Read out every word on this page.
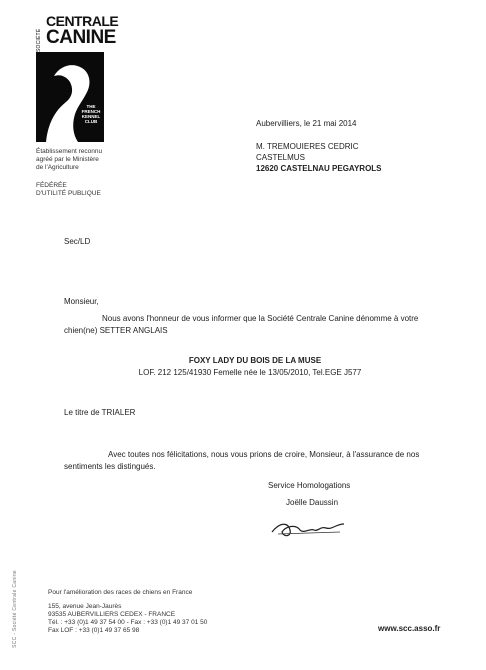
SOCIÉTÉ
CENTRALE
CANINE
THE
FRENCH
KENNEL
CLUB
Établissement reconnu
agréé par le Ministère
de l'Agriculture
FÉDÉRÉE
D'UTILITÉ PUBLIQUE
Aubervilliers, le 21 mai 2014
M. TREMOUIERES CEDRIC
CASTELMUS
12620 CASTELNAU PEGAYROLS
Sec/LD
Monsieur,
Nous avons l'honneur de vous informer que la Société Centrale Canine dénomme à votre
chien(ne) SETTER ANGLAIS
FOXY LADY DU BOIS DE LA MUSE
LOF. 212 125/41930 Femelle née le 13/05/2010, Tel.EGE J577
Le titre de TRIALER
Avec toutes nos félicitations, nous vous prions de croire, Monsieur, à l'assurance de nos
sentiments les distingués.
Service Homologations
Joëlle Daussin
Pour l'amélioration des races de chiens en France
155, avenue Jean-Jaurès
93535 AUBERVILLIERS CEDEX - FRANCE
Tél. : +33 (0)1 49 37 54 00 - Fax : +33 (0)1 49 37 01 50
Fax LOF : +33 (0)1 49 37 65 98	www.scc.asso.fr
SCC - Société Centrale Canine
